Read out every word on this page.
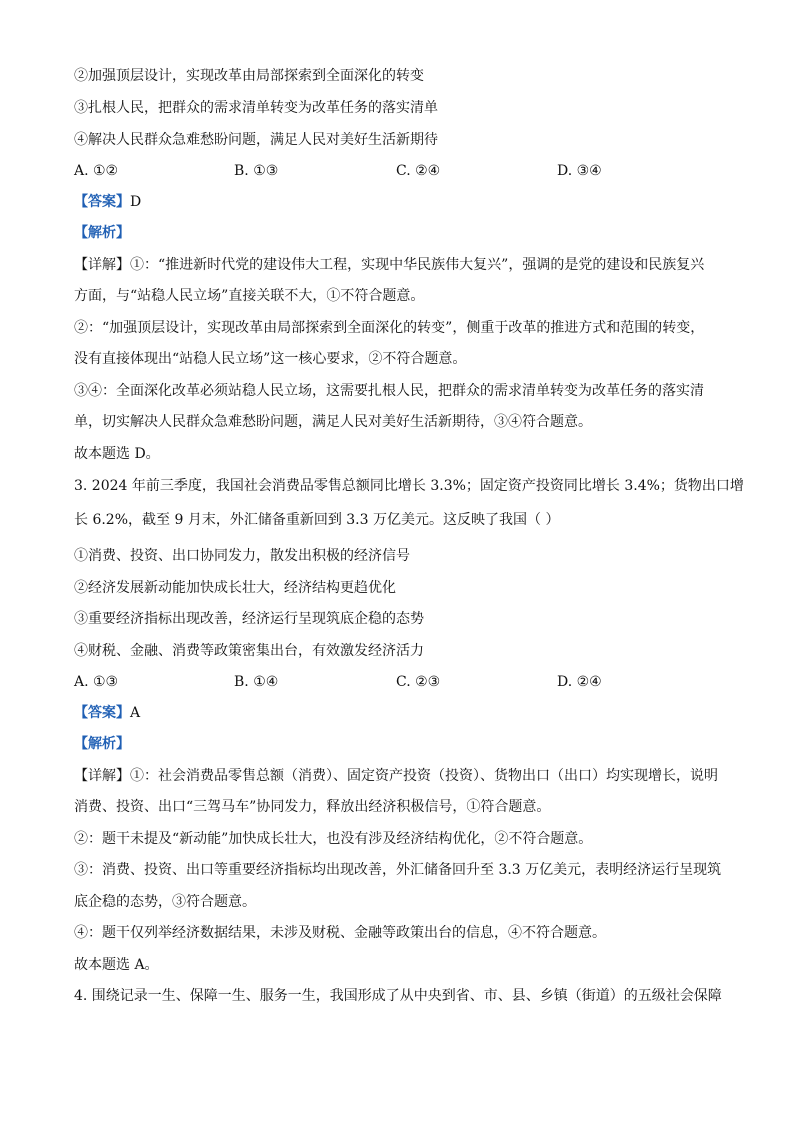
②加强顶层设计，实现改革由局部探索到全面深化的转变
③扎根人民，把群众的需求清单转变为改革任务的落实清单
④解决人民群众急难愁盼问题，满足人民对美好生活新期待
A. ①②	B. ①③	C. ②④	D. ③④
【答案】D
【解析】
【详解】①：“推进新时代党的建设伟大工程，实现中华民族伟大复兴”，强调的是党的建设和民族复兴
方面，与“站稳人民立场”直接关联不大，①不符合题意。
②：“加强顶层设计，实现改革由局部探索到全面深化的转变”，侧重于改革的推进方式和范围的转变，
没有直接体现出“站稳人民立场”这一核心要求，②不符合题意。
③④：全面深化改革必须站稳人民立场，这需要扎根人民，把群众的需求清单转变为改革任务的落实清
单，切实解决人民群众急难愁盼问题，满足人民对美好生活新期待，③④符合题意。
故本题选 D。
3. 2024 年前三季度，我国社会消费品零售总额同比增长 3.3%；固定资产投资同比增长 3.4%；货物出口增
长 6.2%，截至 9 月末，外汇储备重新回到 3.3 万亿美元。这反映了我国（ ）
①消费、投资、出口协同发力，散发出积极的经济信号
②经济发展新动能加快成长壮大，经济结构更趋优化
③重要经济指标出现改善，经济运行呈现筑底企稳的态势
④财税、金融、消费等政策密集出台，有效激发经济活力
A. ①③	B. ①④	C. ②③	D. ②④
【答案】A
【解析】
【详解】①：社会消费品零售总额（消费）、固定资产投资（投资）、货物出口（出口）均实现增长，说明
消费、投资、出口“三驾马车”协同发力，释放出经济积极信号，①符合题意。
②：题干未提及“新动能”加快成长壮大，也没有涉及经济结构优化，②不符合题意。
③：消费、投资、出口等重要经济指标均出现改善，外汇储备回升至 3.3 万亿美元，表明经济运行呈现筑
底企稳的态势，③符合题意。
④：题干仅列举经济数据结果，未涉及财税、金融等政策出台的信息，④不符合题意。
故本题选 A。
4. 围绕记录一生、保障一生、服务一生，我国形成了从中央到省、市、县、乡镇（街道）的五级社会保障
